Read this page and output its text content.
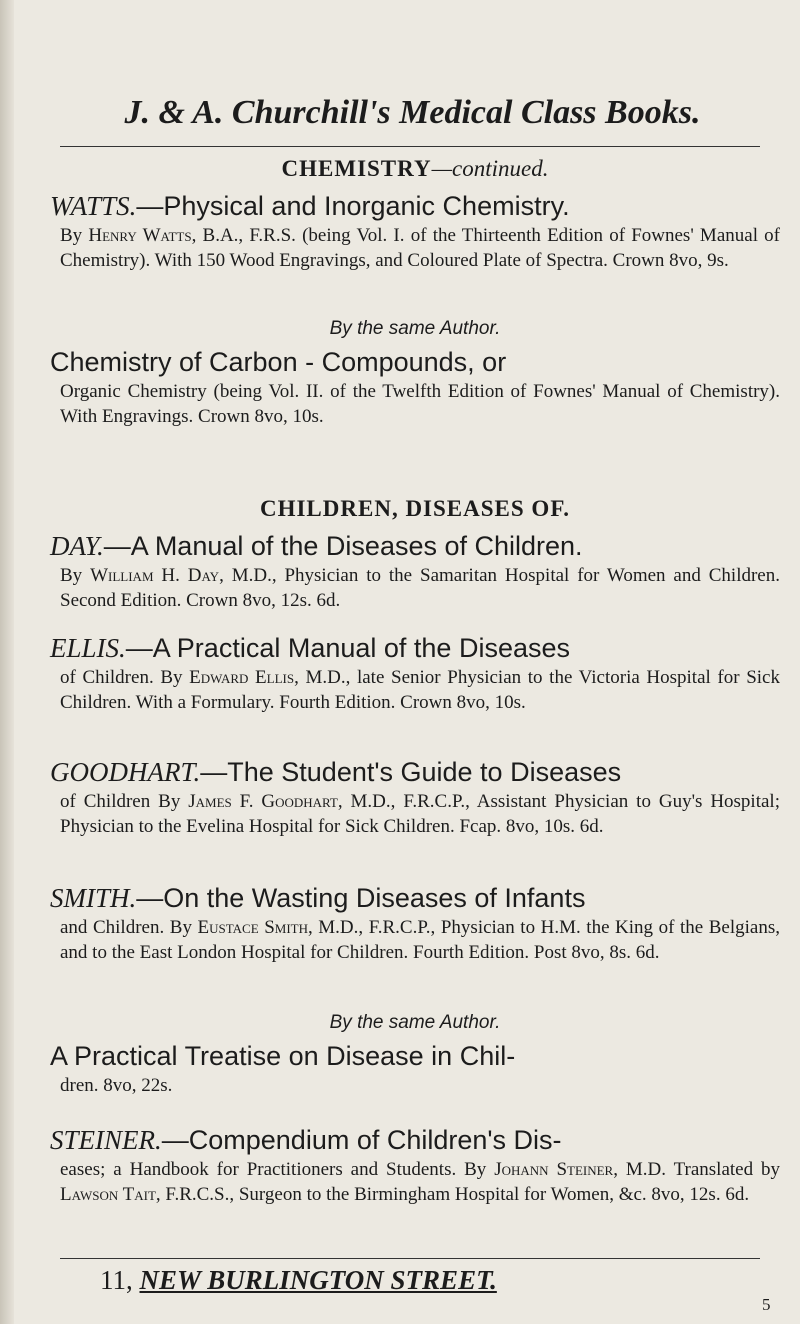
J. & A. Churchill's Medical Class Books.
CHEMISTRY—continued.
WATTS.—Physical and Inorganic Chemistry.
By Henry Watts, B.A., F.R.S. (being Vol. I. of the Thirteenth Edition of Fownes' Manual of Chemistry). With 150 Wood Engravings, and Coloured Plate of Spectra. Crown 8vo, 9s.
By the same Author.
Chemistry of Carbon - Compounds, or
Organic Chemistry (being Vol. II. of the Twelfth Edition of Fownes' Manual of Chemistry). With Engravings. Crown 8vo, 10s.
CHILDREN, DISEASES OF.
DAY.—A Manual of the Diseases of Children.
By William H. Day, M.D., Physician to the Samaritan Hospital for Women and Children. Second Edition. Crown 8vo, 12s. 6d.
ELLIS.—A Practical Manual of the Diseases
of Children. By Edward Ellis, M.D., late Senior Physician to the Victoria Hospital for Sick Children. With a Formulary. Fourth Edition. Crown 8vo, 10s.
GOODHART.—The Student's Guide to Diseases
of Children By James F. Goodhart, M.D., F.R.C.P., Assistant Physician to Guy's Hospital; Physician to the Evelina Hospital for Sick Children. Fcap. 8vo, 10s. 6d.
SMITH.—On the Wasting Diseases of Infants
and Children. By Eustace Smith, M.D., F.R.C.P., Physician to H.M. the King of the Belgians, and to the East London Hospital for Children. Fourth Edition. Post 8vo, 8s. 6d.
By the same Author.
A Practical Treatise on Disease in Chil-
dren. 8vo, 22s.
STEINER.—Compendium of Children's Dis-
eases; a Handbook for Practitioners and Students. By Johann Steiner, M.D. Translated by Lawson Tait, F.R.C.S., Surgeon to the Birmingham Hospital for Women, &c. 8vo, 12s. 6d.
11, NEW BURLINGTON STREET.
5
